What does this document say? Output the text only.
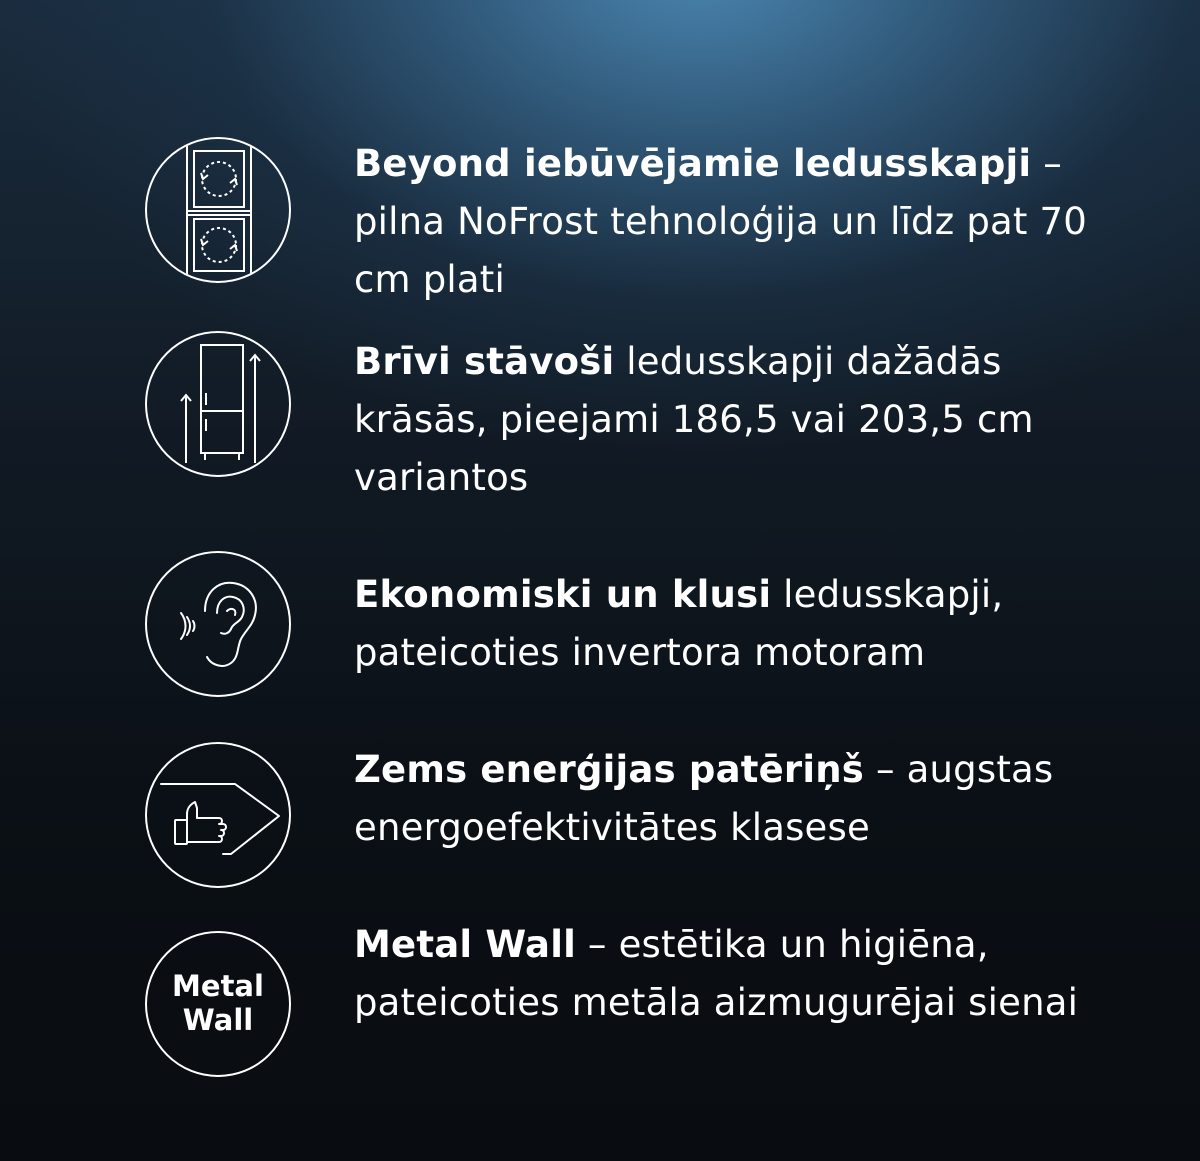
Beyond iebūvējamie ledusskapji – pilna NoFrost tehnoloģija un līdz pat 70 cm plati

Brīvi stāvoši ledusskapji dažādās krāsās, pieejami 186,5 vai 203,5 cm variantos

Ekonomiski un klusi ledusskapji, pateicoties invertora motoram

Zems enerģijas patēriņš – augstas energoefektivitātes klasese

Metal
Wall

Metal Wall – estētika un higiēna, pateicoties metāla aizmugurējai sienai
